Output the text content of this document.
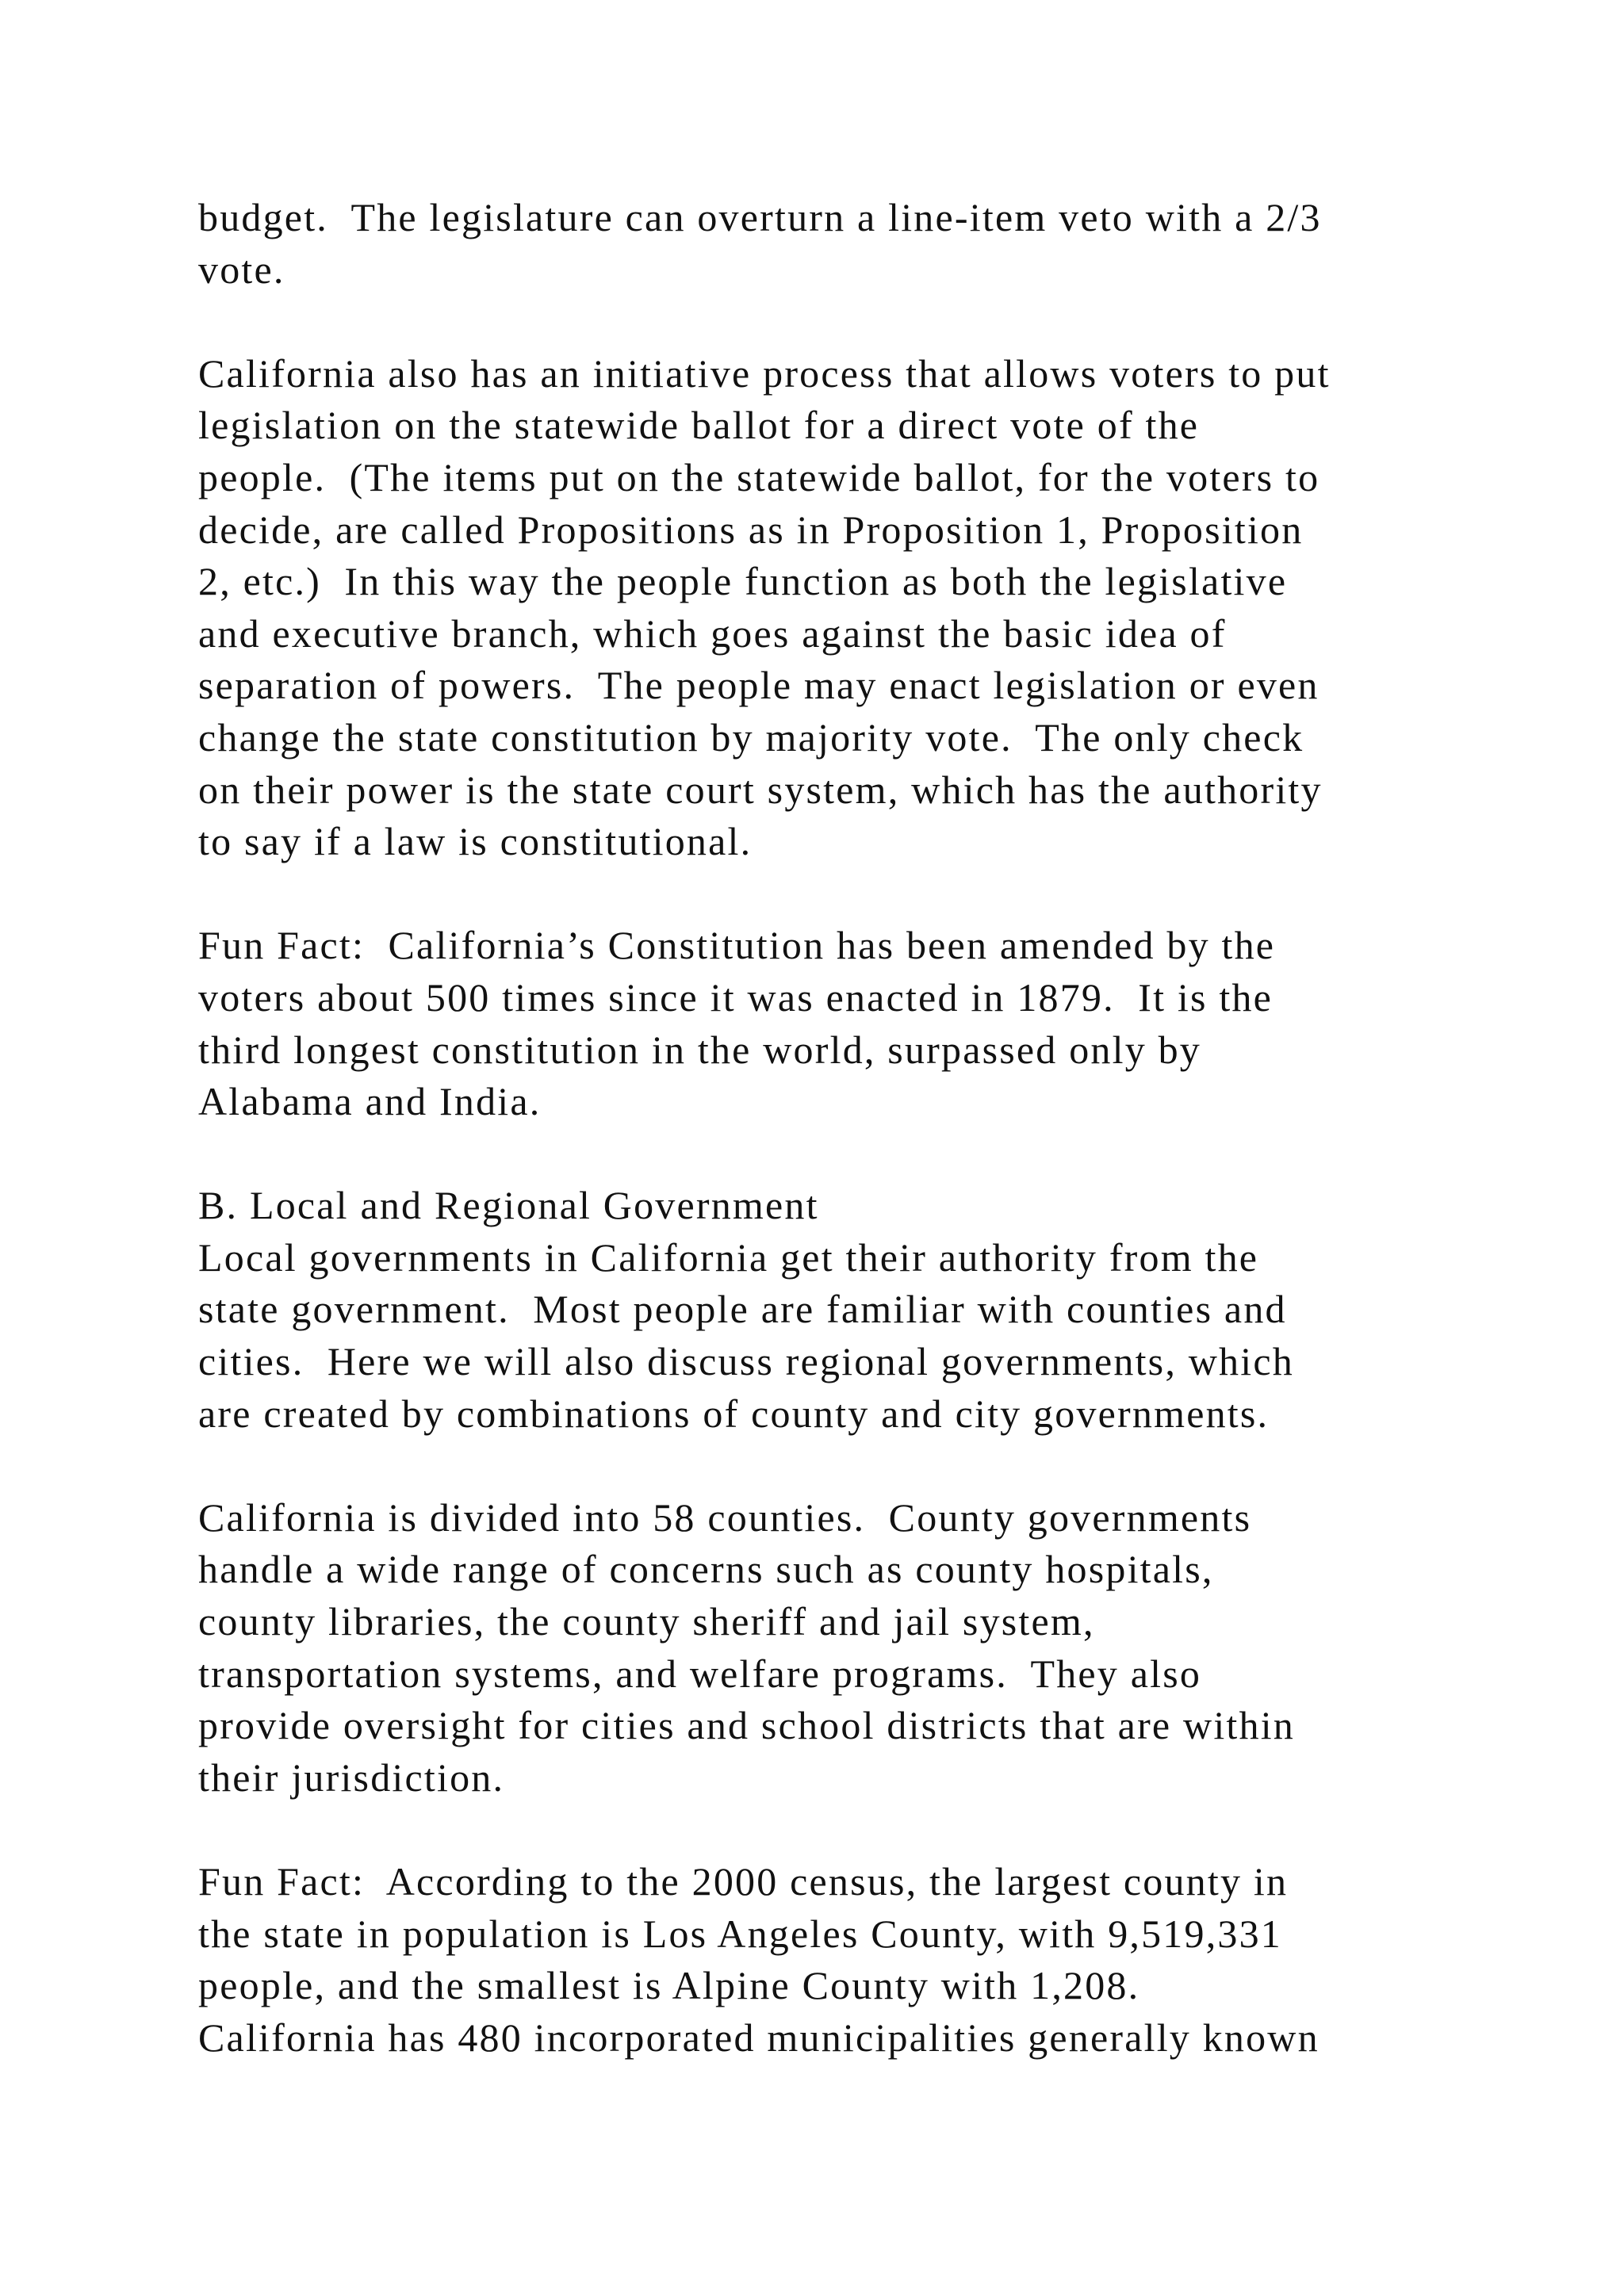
budget.  The legislature can overturn a line-item veto with a 2/3
vote.

California also has an initiative process that allows voters to put
legislation on the statewide ballot for a direct vote of the
people.  (The items put on the statewide ballot, for the voters to
decide, are called Propositions as in Proposition 1, Proposition
2, etc.)  In this way the people function as both the legislative
and executive branch, which goes against the basic idea of
separation of powers.  The people may enact legislation or even
change the state constitution by majority vote.  The only check
on their power is the state court system, which has the authority
to say if a law is constitutional.

Fun Fact:  California’s Constitution has been amended by the
voters about 500 times since it was enacted in 1879.  It is the
third longest constitution in the world, surpassed only by
Alabama and India.

B. Local and Regional Government
Local governments in California get their authority from the
state government.  Most people are familiar with counties and
cities.  Here we will also discuss regional governments, which
are created by combinations of county and city governments.

California is divided into 58 counties.  County governments
handle a wide range of concerns such as county hospitals,
county libraries, the county sheriff and jail system,
transportation systems, and welfare programs.  They also
provide oversight for cities and school districts that are within
their jurisdiction.

Fun Fact:  According to the 2000 census, the largest county in
the state in population is Los Angeles County, with 9,519,331
people, and the smallest is Alpine County with 1,208.
California has 480 incorporated municipalities generally known
